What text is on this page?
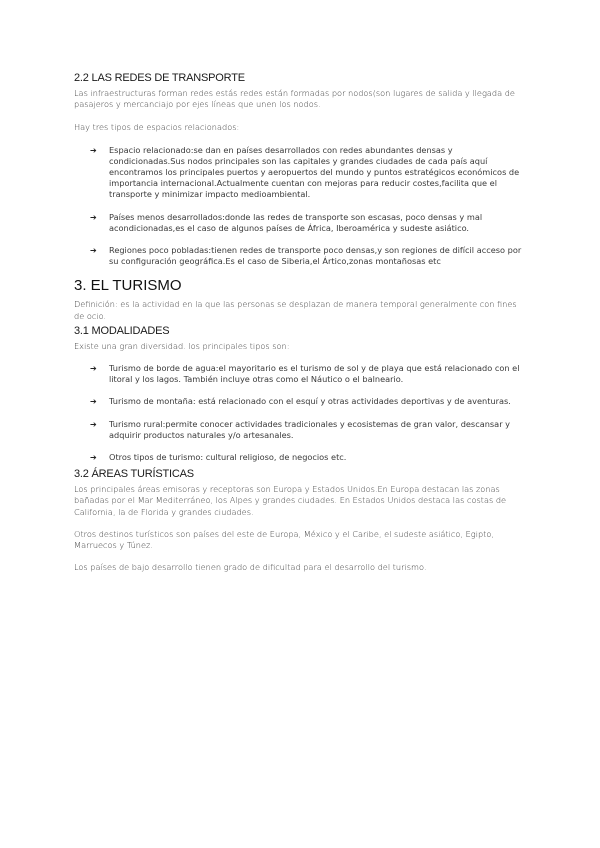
2.2 LAS REDES DE TRANSPORTE

Las infraestructuras forman redes estás redes están formadas por nodos(son lugares de salida y llegada de pasajeros y mercanciajo por ejes líneas que unen los nodos.

Hay tres tipos de espacios relacionados:

➔ Espacio relacionado:se dan en países desarrollados con redes abundantes densas y condicionadas.Sus nodos principales son las capitales y grandes ciudades de cada país aquí encontramos los principales puertos y aeropuertos del mundo y puntos estratégicos económicos de importancia internacional.Actualmente cuentan con mejoras para reducir costes,facilita que el transporte y minimizar impacto medioambiental.
➔ Países menos desarrollados:donde las redes de transporte son escasas, poco densas y mal acondicionadas,es el caso de algunos países de África, Iberoamérica y sudeste asiático.
➔ Regiones poco pobladas:tienen redes de transporte poco densas,y son regiones de difícil acceso por su configuración geográfica.Es el caso de Siberia,el Ártico,zonas montañosas etc
3. EL TURISMO

Definición: es la actividad en la que las personas se desplazan de manera temporal generalmente con fines de ocio.

3.1 MODALIDADES

Existe una gran diversidad. los principales tipos son:

➔ Turismo de borde de agua:el mayoritario es el turismo de sol y de playa que está relacionado con el litoral y los lagos. También incluye otras como el Náutico o el balneario.
➔ Turismo de montaña: está relacionado con el esquí y otras actividades deportivas y de aventuras.
➔ Turismo rural:permite conocer actividades tradicionales y ecosistemas de gran valor, descansar y adquirir productos naturales y/o artesanales.
➔ Otros tipos de turismo: cultural religioso, de negocios etc.
3.2 ÁREAS TURÍSTICAS

Los principales áreas emisoras y receptoras son Europa y Estados Unidos.En Europa destacan las zonas bañadas por el Mar Mediterráneo, los Alpes y grandes ciudades. En Estados Unidos destaca las costas de California, la de Florida y grandes ciudades.

Otros destinos turísticos son países del este de Europa, México y el Caribe, el sudeste asiático, Egipto, Marruecos y Túnez.

Los países de bajo desarrollo tienen grado de dificultad para el desarrollo del turismo.
